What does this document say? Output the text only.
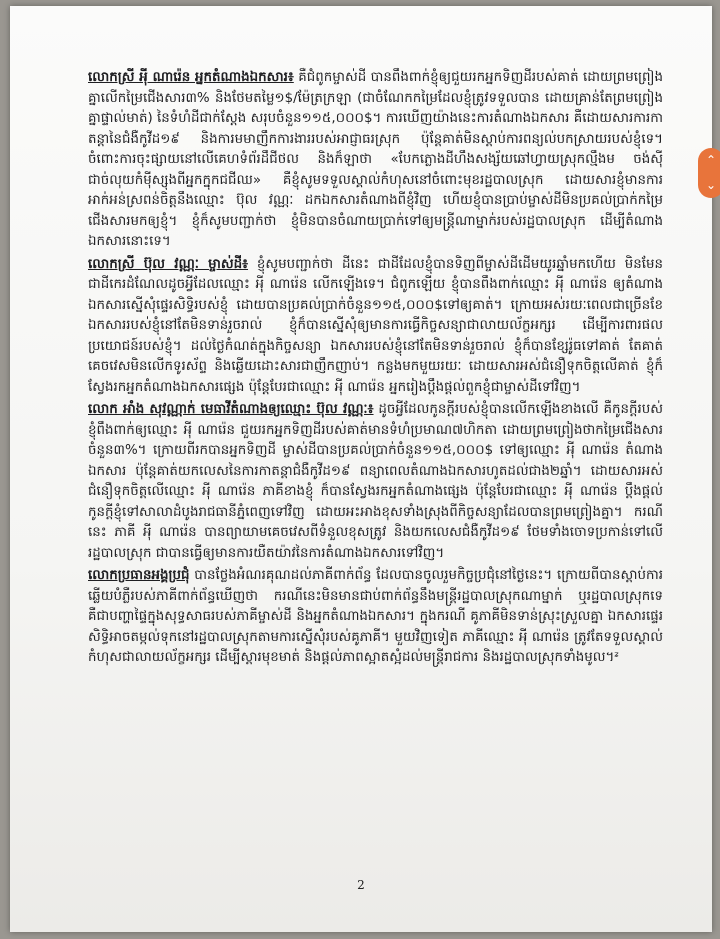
លោកស្រី អុី ណារ៉េន អ្នកតំណាងឯកសារ៖ គឺជំពូកម្ចាស់ដី បានពឹងពាក់ខ្ញុំឲ្យជួយរកអ្នកទិញដីរបស់គាត់ ដោយព្រមព្រៀងគ្នាលើកម្រៃជើងសារ៣% និងថែមតម្លៃ១$/ម៉ែត្រក្រឡា (ជាចំណែកកម្រៃដែលខ្ញុំត្រូវទទួលបាន ដោយគ្រាន់តែព្រមព្រៀងគ្នាផ្ទាល់មាត់) នៃទំហំដីជាក់ស្តែង សរុបចំនួន១១៥,០០០$។ ការឃើញយ៉ាងនេះការតំណាងឯកសារ គឺដោយសារការកាតន្តានៃជំងឺកូវីដ១៩ និងការមមាញឹកការងាររបស់អាជ្ញាធរស្រុក ប៉ុន្តែគាត់មិនស្ដាប់ការពន្យល់បកស្រាយរបស់ខ្ញុំទេ។ ចំពោះការចុះផ្សាយនៅលើគេហទំព័រដឹជីថល និងក៏ឡាថា «បែកភ្លោងដីហឹងសង្ស័យឆៅហ្វាយស្រុកល្មឹងម ចង់ស៊ីជាច់លុយកំម៉ីស្សុងពីអ្នកក្នុកជជីឈ» គឺខ្ញុំសូមទទួលស្គាល់កំហុសនៅចំពោះមុខរដ្ឋបាលស្រុក ដោយសារខ្ញុំមានការអាក់អន់ស្រពន់ចិត្តនឹងឈ្មោះ ប៊ុល វណ្ណៈ ដកឯកសារតំណាងពីខ្ញុំវិញ ហើយខ្ញុំបានប្រាប់ម្ចាស់ដីមិនប្រគល់ប្រាក់កម្រៃជើងសារមកឲ្យខ្ញុំ។ ខ្ញុំក៏សូមបញ្ជាក់ថា ខ្ញុំមិនបានចំណាយប្រាក់ទៅឲ្យមន្ត្រីណាម្នាក់របស់រដ្ឋបាលស្រុក ដើម្បីតំណាងឯកសារនោះទេ។

លោកស្រី ប៊ុល វណ្ណៈ ម្ចាស់ដី៖ ខ្ញុំសូមបញ្ជាក់ថា ដីនេះ ជាដីដែលខ្ញុំបានទិញពីម្ចាស់ដីដើមយូរឆ្នាំមកហើយ មិនមែនជាដីកេរដំណែលដូចអ្វីដែលឈ្មោះ អុី ណារ៉េន លើកឡើងទេ។ ជំពូកឡើយ ខ្ញុំបានពឹងពាក់ឈ្មោះ អុី ណារ៉េន ឲ្យតំណាងឯកសារស្នើសុំផ្ទេរសិទ្ធិរបស់ខ្ញុំ ដោយបានប្រគល់ប្រាក់ចំនួន១១៥,០០០$ទៅឲ្យគាត់។ ក្រោយអស់រយៈពេលជាច្រើនខែ ឯកសាររបស់ខ្ញុំនៅតែមិនទាន់រួចរាល់ ខ្ញុំក៏បានស្នើសុំឲ្យមានការធ្វើកិច្ចសន្យាជាលាយល័ក្ខអក្សរ ដើម្បីការពារផលប្រយោជន៍របស់ខ្ញុំ។ ដល់ថ្ងៃកំណត់ក្នុងកិច្ចសន្យា ឯកសាររបស់ខ្ញុំនៅតែមិនទាន់រួចរាល់ ខ្ញុំក៏បានខ្សែរ៉ូធទៅគាត់ តែគាត់គេចវេសមិនលើកទូរស័ព្ទ និងឆ្លើយដោះសារជាញឹកញាប់។ កន្លងមកមួយរយៈ ដោយសារអស់ជំនឿទុកចិត្តលើគាត់ ខ្ញុំក៏ស្វែងរកអ្នកតំណាងឯកសារផ្សេង ប៉ុន្តែបែរជាឈ្មោះ អុី ណារ៉េន អ្នករៀងប្ដឹងផ្តល់ពួកខ្ញុំជាម្ចាស់ដីទៅវិញ។

លោក អាំង សុវណ្ណាក់ មេធាវីតំណាងឲ្យឈ្មោះ ប៊ុល វណ្ណៈ៖ ដូចអ្វីដែលកូនក្តីរបស់ខ្ញុំបានលើកឡើងខាងលើ គឺកូនក្តីរបស់ខ្ញុំពឹងពាក់ឲ្យឈ្មោះ អុី ណារ៉េន ជួយរកអ្នកទិញដីរបស់គាត់មានទំហំប្រមាណ៧ហិកតា ដោយព្រមព្រៀងថាកម្រៃជើងសារចំនួន៣%។ ក្រោយពីរកបានអ្នកទិញដី ម្ចាស់ដីបានប្រគល់ប្រាក់ចំនួន១១៥,០០០$ ទៅឲ្យឈ្មោះ អុី ណារ៉េន តំណាងឯកសារ ប៉ុន្តែគាត់យកលេសនៃការកាតន្តាជំងឺកូវីដ១៩ ពន្យាពេលតំណាងឯកសារហូតដល់ជាង២ឆ្នាំ។ ដោយសារអស់ជំនឿទុកចិត្តលើឈ្មោះ អុី ណារ៉េន ភាគីខាងខ្ញុំ ក៏បានស្វែងរកអ្នកតំណាងផ្សេង ប៉ុន្តែបែរជាឈ្មោះ អុី ណារ៉េន ប្ដឹងផ្តល់កូនក្តីខ្ញុំទៅសាលាដំបូងរាជធានីភ្នំពេញទៅវិញ ដោយអះអាងខុសទាំងស្រុងពីកិច្ចសន្យាដែលបានព្រមព្រៀងគ្នា។ ករណីនេះ ភាគី អុី ណារ៉េន បានព្យាយាមគេចវេសពីទំនួលខុសត្រូវ និងយកលេសជំងឺកូវីដ១៩ ថែមទាំងចោទប្រកាន់ទៅលើរដ្ឋបាលស្រុក ជាបានធ្វើឲ្យមានការយឺតយ៉ាវនៃការតំណាងឯកសារទៅវិញ។

លោកប្រធានអង្គប្រជុំ បានថ្លែងអំណរគុណដល់ភាគីពាក់ព័ន្ធ ដែលបានចូលរួមកិច្ចប្រជុំនៅថ្ងៃនេះ។ ក្រោយពីបានស្ដាប់ការឆ្លើយបំភ្លឺរបស់ភាគីពាក់ព័ន្ធឃើញថា ករណីនេះមិនមានជាប់ពាក់ព័ន្ធនឹងមន្ត្រីរដ្ឋបាលស្រុកណាម្នាក់ ឬរដ្ឋបាលស្រុកទេ គឺជាបញ្ហាផ្ទៃក្នុងសុទ្ធសាធរបស់ភាគីម្ចាស់ដី និងអ្នកតំណាងឯកសារ។ ក្នុងករណី គូភាគីមិនទាន់ស្រុះស្រួលគ្នា ឯកសារផ្ទេរសិទ្ធិអាចតម្កល់ទុកនៅរដ្ឋបាលស្រុកតាមការស្នើសុំរបស់គូភាគី។ មួយវិញទៀត ភាគីឈ្មោះ អុី ណារ៉េន ត្រូវតែទទួលស្គាល់កំហុសជាលាយល័ក្ខអក្សរ ដើម្បីស្តារមុខមាត់ និងផ្ដល់ភាពស្អាតស្អំដល់មន្ត្រីរាជការ និងរដ្ឋបាលស្រុកទាំងមូល។ᶽ

2
⌃
⌄
